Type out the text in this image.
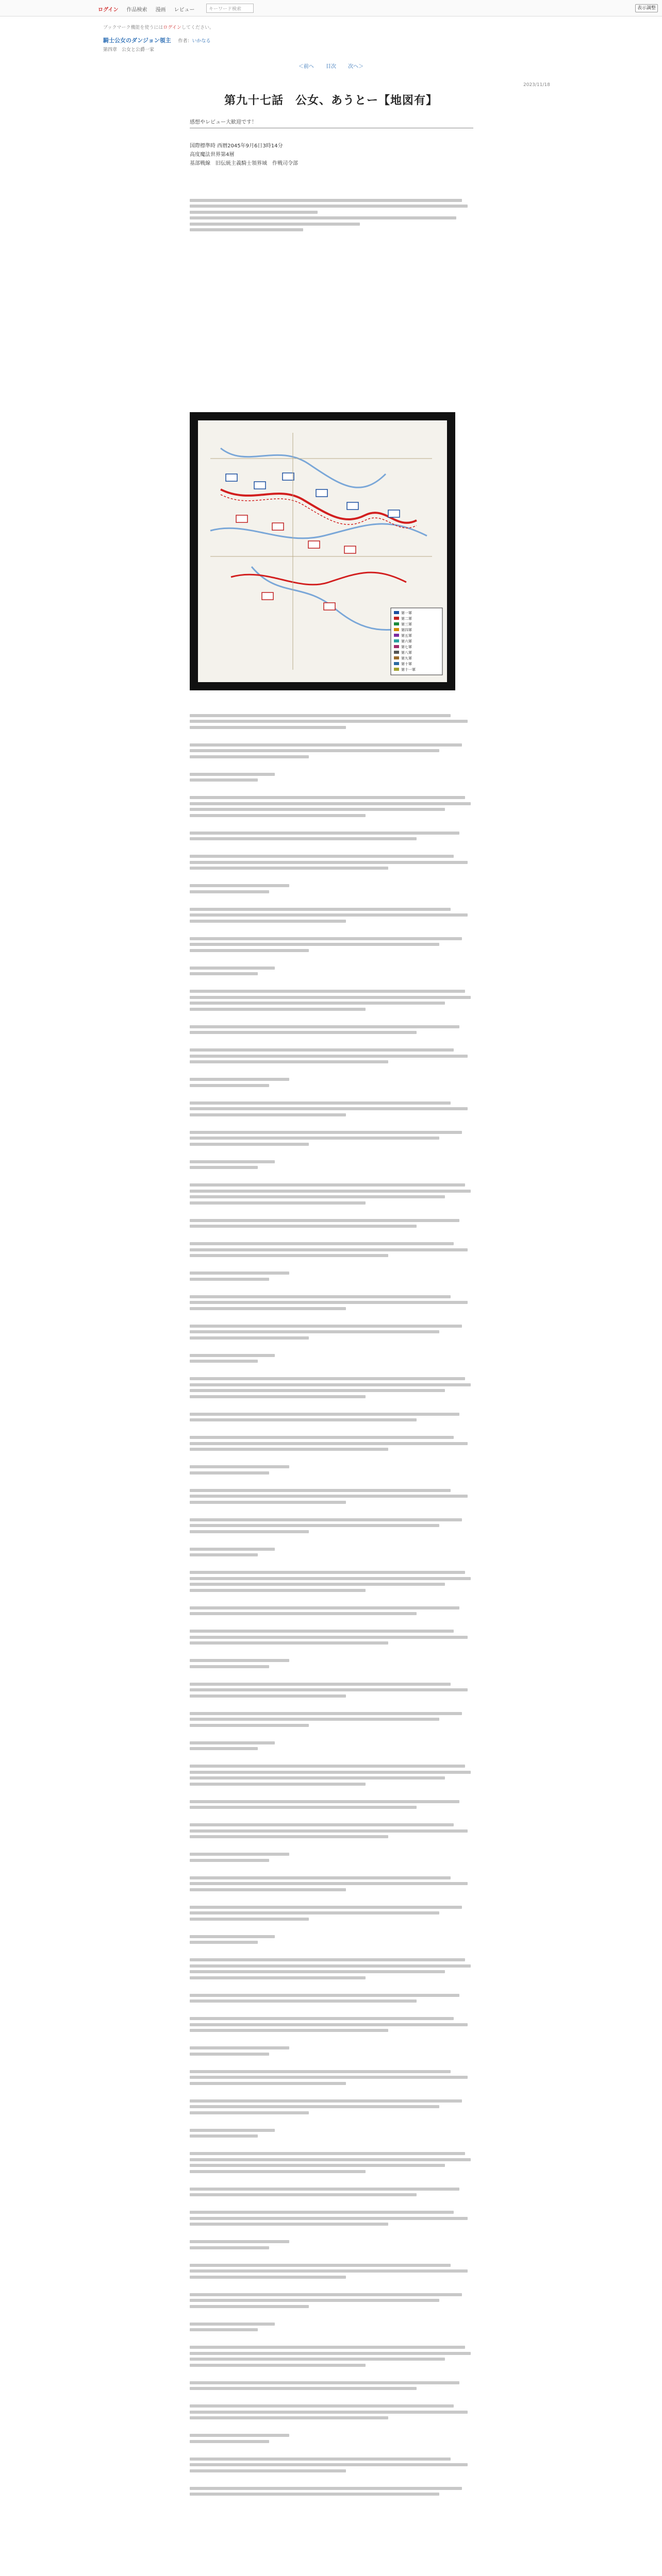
ログイン 作品検索 漫画 レビュー	キーワード検索	表示調整
ブックマーク機能を使うにはログインしてください。
騎士公女のダンジョン領主 作者：いかなる
第四章　公女と公爵一家
＜前へ 目次 次へ＞
2023/11/18
第九十七話　公女、あうとー【地図有】
感想やレビュー大歓迎です！

国際標準時 西暦2045年9月6日3時14分

高度魔法世界第4層

基部戦線　旧伝統主義騎士領界域　作戦司令部

第一軍
第二軍
第三軍
第四軍
第五軍
第六軍
第七軍
第八軍
第九軍
第十軍
第十一軍
